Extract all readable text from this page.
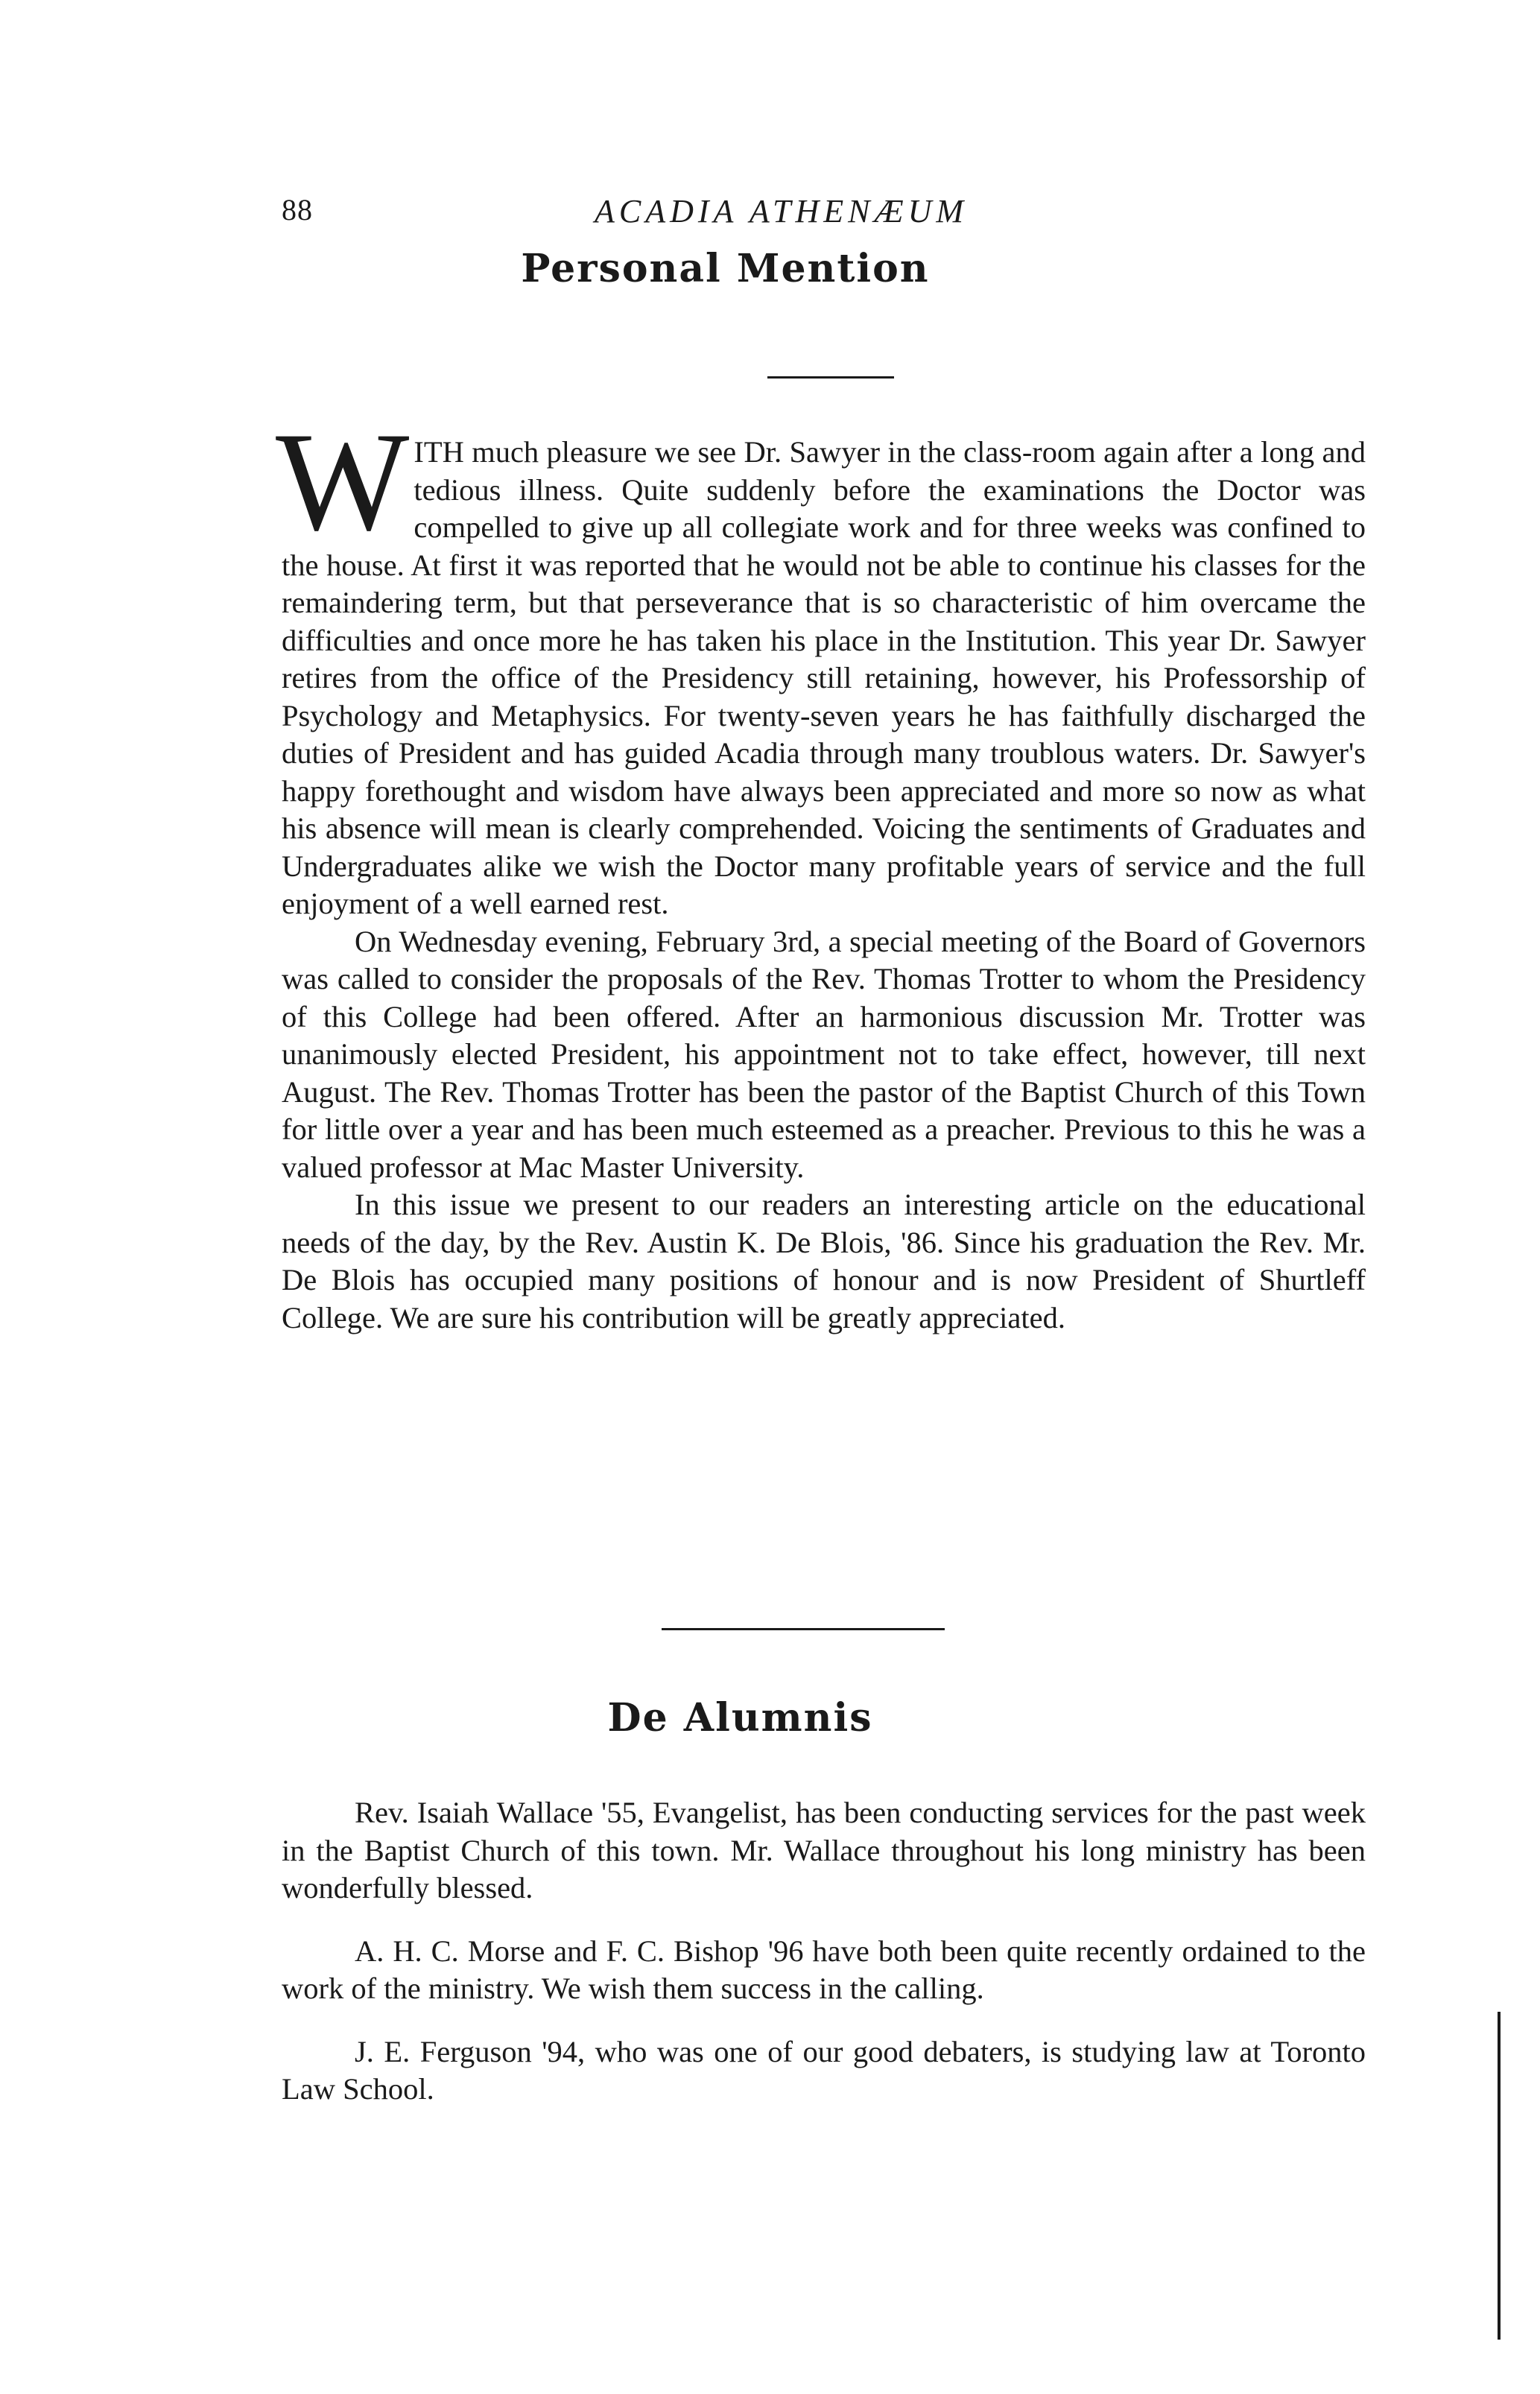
88	ACADIA ATHENÆUM
Personal Mention

WITH much pleasure we see Dr. Sawyer in the class-room again after a long and tedious illness. Quite suddenly before the examinations the Doctor was compelled to give up all collegiate work and for three weeks was confined to the house. At first it was reported that he would not be able to continue his classes for the remaindering term, but that perseverance that is so characteristic of him overcame the difficulties and once more he has taken his place in the Institution. This year Dr. Sawyer retires from the office of the Presidency still retaining, however, his Professorship of Psychology and Metaphysics. For twenty-seven years he has faithfully discharged the duties of President and has guided Acadia through many troublous waters. Dr. Sawyer's happy forethought and wisdom have always been appreciated and more so now as what his absence will mean is clearly comprehended. Voicing the sentiments of Graduates and Undergraduates alike we wish the Doctor many profitable years of service and the full enjoyment of a well earned rest.

On Wednesday evening, February 3rd, a special meeting of the Board of Governors was called to consider the proposals of the Rev. Thomas Trotter to whom the Presidency of this College had been offered. After an harmonious discussion Mr. Trotter was unanimously elected President, his appointment not to take effect, however, till next August. The Rev. Thomas Trotter has been the pastor of the Baptist Church of this Town for little over a year and has been much esteemed as a preacher. Previous to this he was a valued professor at Mac Master University.

In this issue we present to our readers an interesting article on the educational needs of the day, by the Rev. Austin K. De Blois, '86. Since his graduation the Rev. Mr. De Blois has occupied many positions of honour and is now President of Shurtleff College. We are sure his contribution will be greatly appreciated.

De Alumnis

Rev. Isaiah Wallace '55, Evangelist, has been conducting services for the past week in the Baptist Church of this town. Mr. Wallace throughout his long ministry has been wonderfully blessed.

A. H. C. Morse and F. C. Bishop '96 have both been quite recently ordained to the work of the ministry. We wish them success in the calling.

J. E. Ferguson '94, who was one of our good debaters, is studying law at Toronto Law School.
